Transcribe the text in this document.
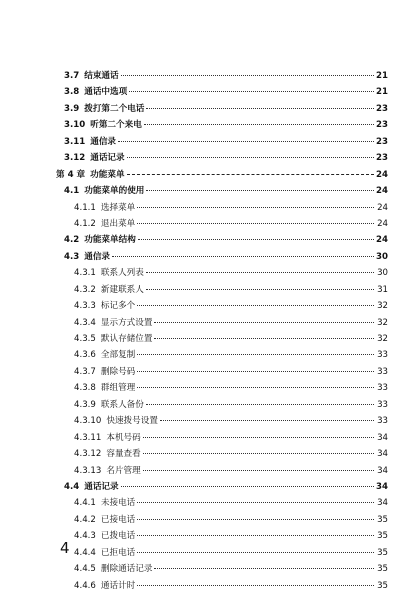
3.7 结束通话	21
3.8 通话中选项	21
3.9 拨打第二个电话	23
3.10 听第二个来电	23
3.11 通信录	23
3.12 通话记录	23
第 4 章 功能菜单	24
4.1 功能菜单的使用	24
4.1.1 选择菜单	24
4.1.2 退出菜单	24
4.2 功能菜单结构	24
4.3 通信录	30
4.3.1 联系人列表	30
4.3.2 新建联系人	31
4.3.3 标记多个	32
4.3.4 显示方式设置	32
4.3.5 默认存储位置	32
4.3.6 全部复制	33
4.3.7 删除号码	33
4.3.8 群组管理	33
4.3.9 联系人备份	33
4.3.10 快速拨号设置	33
4.3.11 本机号码	34
4.3.12 容量查看	34
4.3.13 名片管理	34
4.4 通话记录	34
4.4.1 未接电话	34
4.4.2 已接电话	35
4.4.3 已拨电话	35
4.4.4 已拒电话	35
4.4.5 删除通话记录	35
4.4.6 通话计时	35
4
